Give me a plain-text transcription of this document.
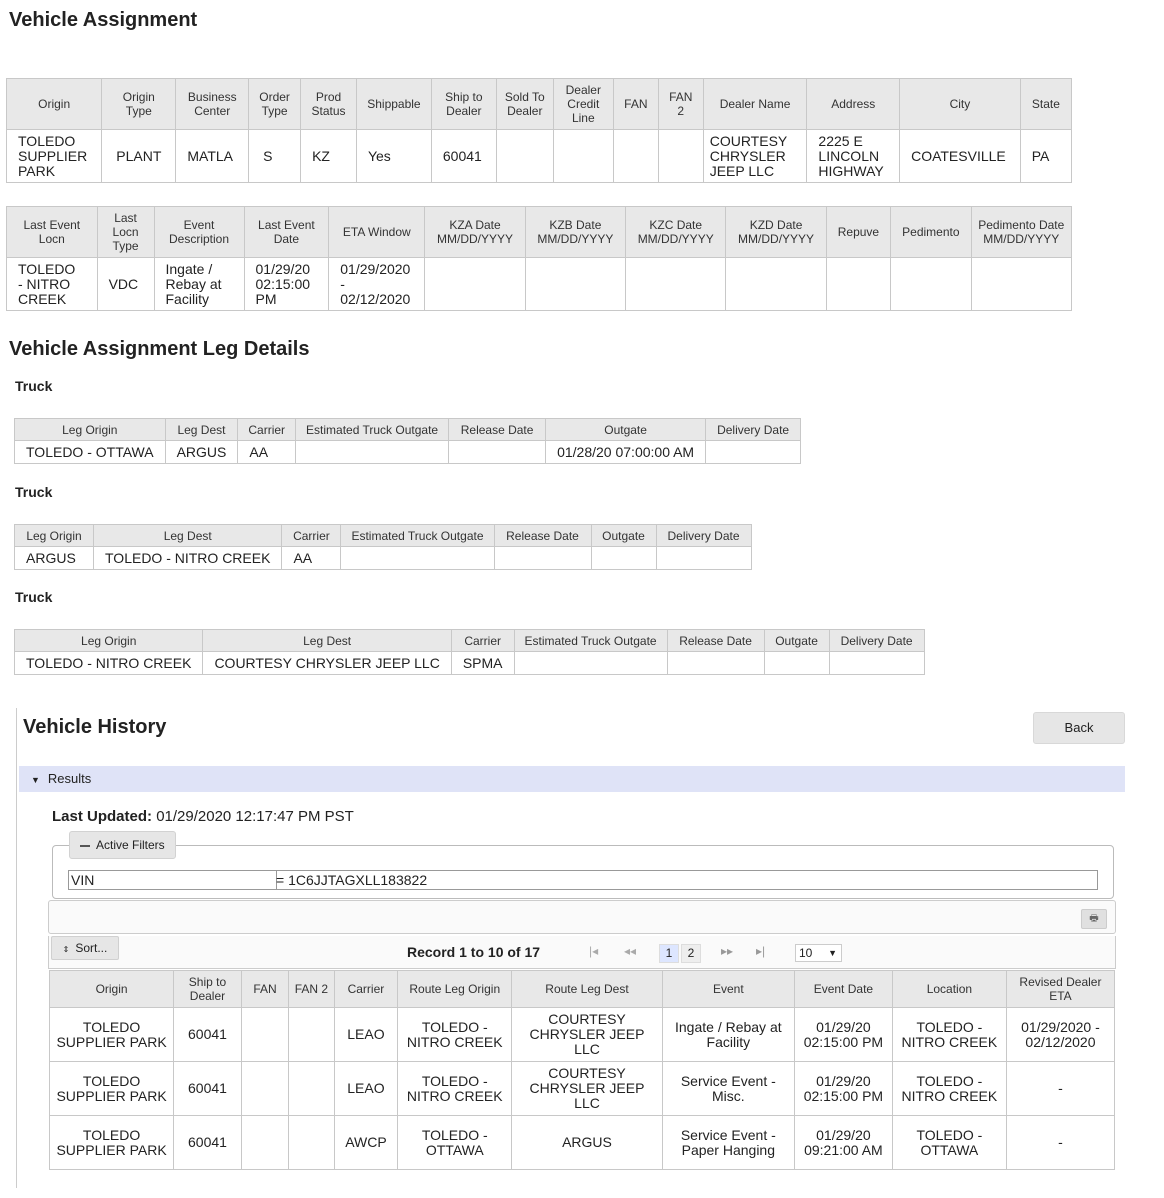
Vehicle Assignment
Origin	Origin Type	Business Center	Order Type	Prod Status	Shippable	Ship to Dealer	Sold To Dealer	Dealer Credit Line	FAN	FAN 2	Dealer Name	Address	City	State
TOLEDO SUPPLIER PARK	PLANT	MATLA	S	KZ	Yes	60041					COURTESY CHRYSLER JEEP LLC	2225 E LINCOLN HIGHWAY	COATESVILLE	PA
Last Event Locn	Last Locn Type	Event Description	Last Event Date	ETA Window	KZA Date MM/DD/YYYY	KZB Date MM/DD/YYYY	KZC Date MM/DD/YYYY	KZD Date MM/DD/YYYY	Repuve	Pedimento	Pedimento Date MM/DD/YYYY
TOLEDO - NITRO CREEK	VDC	Ingate / Rebay at Facility	01/29/20 02:15:00 PM	01/29/2020 - 02/12/2020							
Vehicle Assignment Leg Details
Truck
Leg Origin	Leg Dest	Carrier	Estimated Truck Outgate	Release Date	Outgate	Delivery Date
TOLEDO - OTTAWA	ARGUS	AA			01/28/20 07:00:00 AM	
Truck
Leg Origin	Leg Dest	Carrier	Estimated Truck Outgate	Release Date	Outgate	Delivery Date
ARGUS	TOLEDO - NITRO CREEK	AA				
Truck
Leg Origin	Leg Dest	Carrier	Estimated Truck Outgate	Release Date	Outgate	Delivery Date
TOLEDO - NITRO CREEK	COURTESY CHRYSLER JEEP LLC	SPMA				
Vehicle History	Back
▼ Results
Last Updated: 01/29/2020 12:17:47 PM PST
Active Filters
VIN	= 1C6JJTAGXLL183822
🖶
⇕ Sort...	Record 1 to 10 of 17	|◂ ◂◂	1	2	▸▸ ▸|	10 ▼
Origin	Ship to Dealer	FAN	FAN 2	Carrier	Route Leg Origin	Route Leg Dest	Event	Event Date	Location	Revised Dealer ETA
TOLEDO SUPPLIER PARK	60041			LEAO	TOLEDO - NITRO CREEK	COURTESY CHRYSLER JEEP LLC	Ingate / Rebay at Facility	01/29/20 02:15:00 PM	TOLEDO - NITRO CREEK	01/29/2020 - 02/12/2020
TOLEDO SUPPLIER PARK	60041			LEAO	TOLEDO - NITRO CREEK	COURTESY CHRYSLER JEEP LLC	Service Event - Misc.	01/29/20 02:15:00 PM	TOLEDO - NITRO CREEK	-
TOLEDO SUPPLIER PARK	60041			AWCP	TOLEDO - OTTAWA	ARGUS	Service Event - Paper Hanging	01/29/20 09:21:00 AM	TOLEDO - OTTAWA	-
